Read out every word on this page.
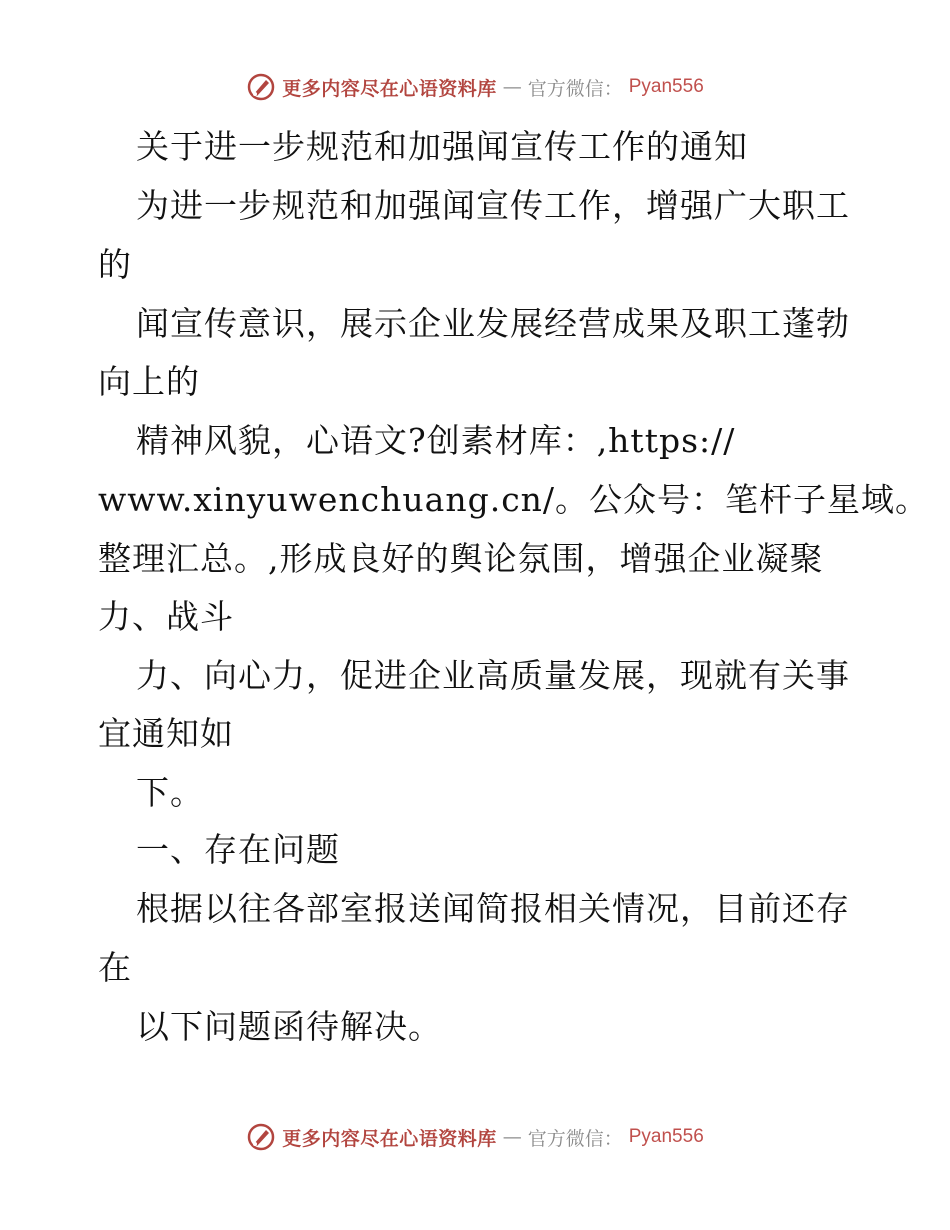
更多内容尽在心语资料库 — 官方微信： Pyan556
关于进一步规范和加强闻宣传工作的通知
为进一步规范和加强闻宣传工作，增强广大职工
的
闻宣传意识，展示企业发展经营成果及职工蓬勃
向上的
精神风貌，心语文?创素材库：,https://
www.xinyuwenchuang.cn/。公众号：笔杆子星域。
整理汇总。,形成良好的舆论氛围，增强企业凝聚
力、战斗
力、向心力，促进企业高质量发展，现就有关事
宜通知如
下。
一、存在问题
根据以往各部室报送闻简报相关情况，目前还存
在
以下问题函待解决。
更多内容尽在心语资料库 — 官方微信： Pyan556
